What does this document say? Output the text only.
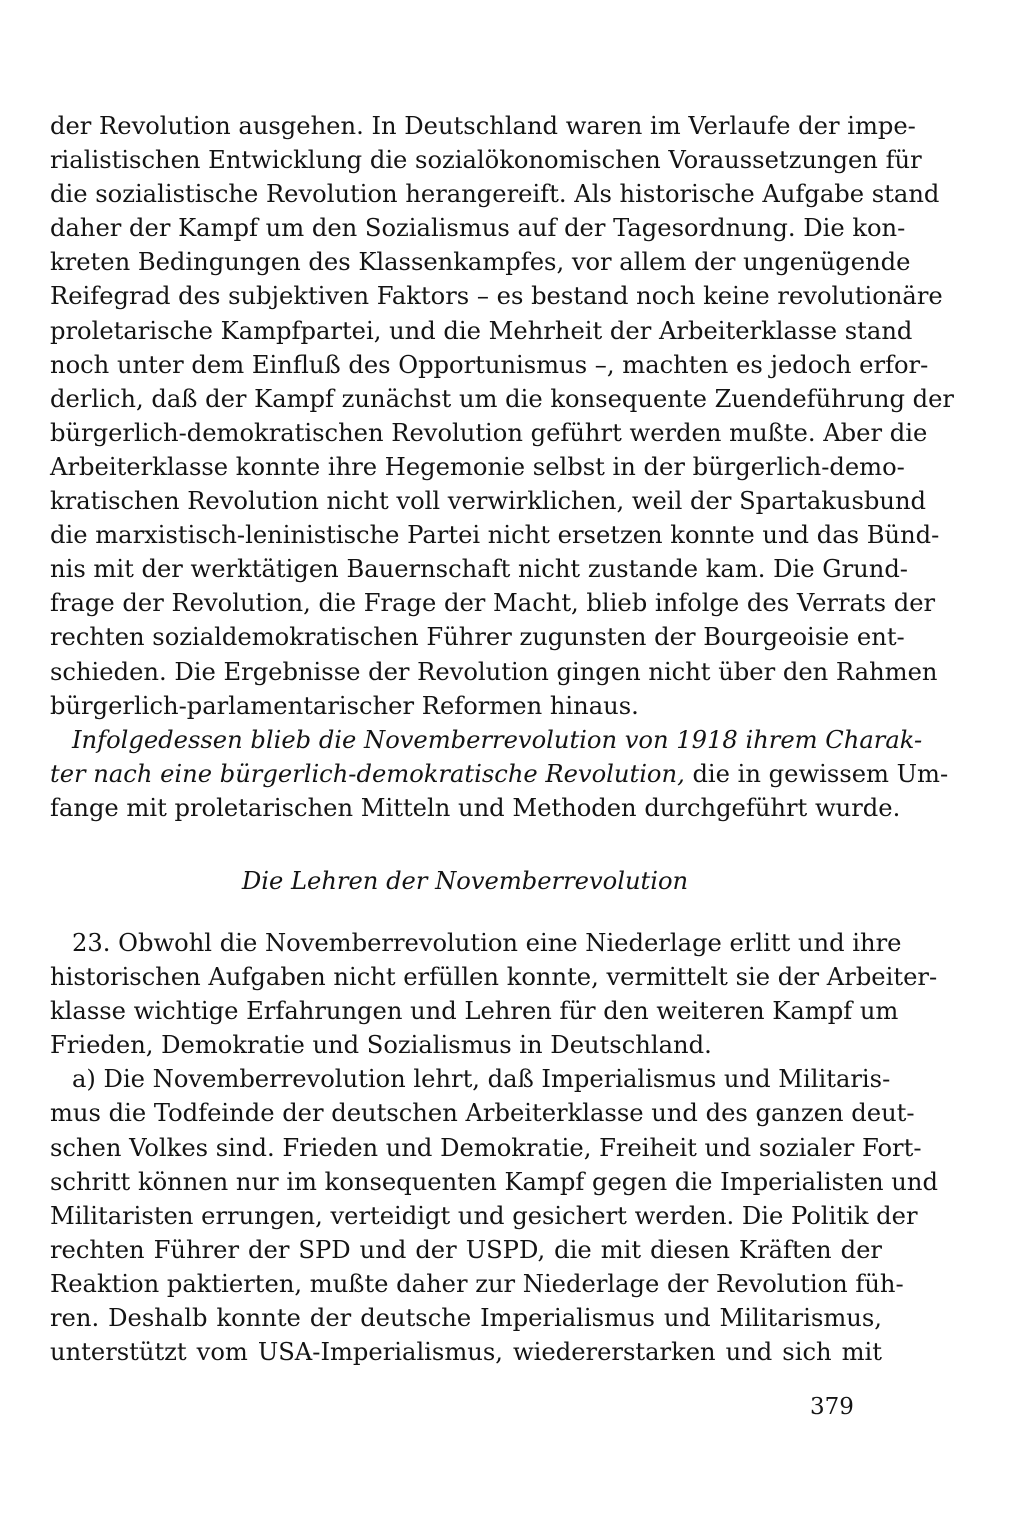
der Revolution ausgehen. In Deutschland waren im Verlaufe der impe-
rialistischen Entwicklung die sozialökonomischen Voraussetzungen für
die sozialistische Revolution herangereift. Als historische Aufgabe stand
daher der Kampf um den Sozialismus auf der Tagesordnung. Die kon-
kreten Bedingungen des Klassenkampfes, vor allem der ungenügende
Reifegrad des subjektiven Faktors – es bestand noch keine revolutionäre
proletarische Kampfpartei, und die Mehrheit der Arbeiterklasse stand
noch unter dem Einfluß des Opportunismus –, machten es jedoch erfor-
derlich, daß der Kampf zunächst um die konsequente Zuendeführung der
bürgerlich-demokratischen Revolution geführt werden mußte. Aber die
Arbeiterklasse konnte ihre Hegemonie selbst in der bürgerlich-demo-
kratischen Revolution nicht voll verwirklichen, weil der Spartakusbund
die marxistisch-leninistische Partei nicht ersetzen konnte und das Bünd-
nis mit der werktätigen Bauernschaft nicht zustande kam. Die Grund-
frage der Revolution, die Frage der Macht, blieb infolge des Verrats der
rechten sozialdemokratischen Führer zugunsten der Bourgeoisie ent-
schieden. Die Ergebnisse der Revolution gingen nicht über den Rahmen
bürgerlich-parlamentarischer Reformen hinaus.
Infolgedessen blieb die Novemberrevolution von 1918 ihrem Charak-
ter nach eine bürgerlich-demokratische Revolution, die in gewissem Um-
fange mit proletarischen Mitteln und Methoden durchgeführt wurde.
Die Lehren der Novemberrevolution
23. Obwohl die Novemberrevolution eine Niederlage erlitt und ihre
historischen Aufgaben nicht erfüllen konnte, vermittelt sie der Arbeiter-
klasse wichtige Erfahrungen und Lehren für den weiteren Kampf um
Frieden, Demokratie und Sozialismus in Deutschland.
a) Die Novemberrevolution lehrt, daß Imperialismus und Militaris-
mus die Todfeinde der deutschen Arbeiterklasse und des ganzen deut-
schen Volkes sind. Frieden und Demokratie, Freiheit und sozialer Fort-
schritt können nur im konsequenten Kampf gegen die Imperialisten und
Militaristen errungen, verteidigt und gesichert werden. Die Politik der
rechten Führer der SPD und der USPD, die mit diesen Kräften der
Reaktion paktierten, mußte daher zur Niederlage der Revolution füh-
ren. Deshalb konnte der deutsche Imperialismus und Militarismus,
unterstützt vom USA-Imperialismus, wiedererstarken und sich mit
379
